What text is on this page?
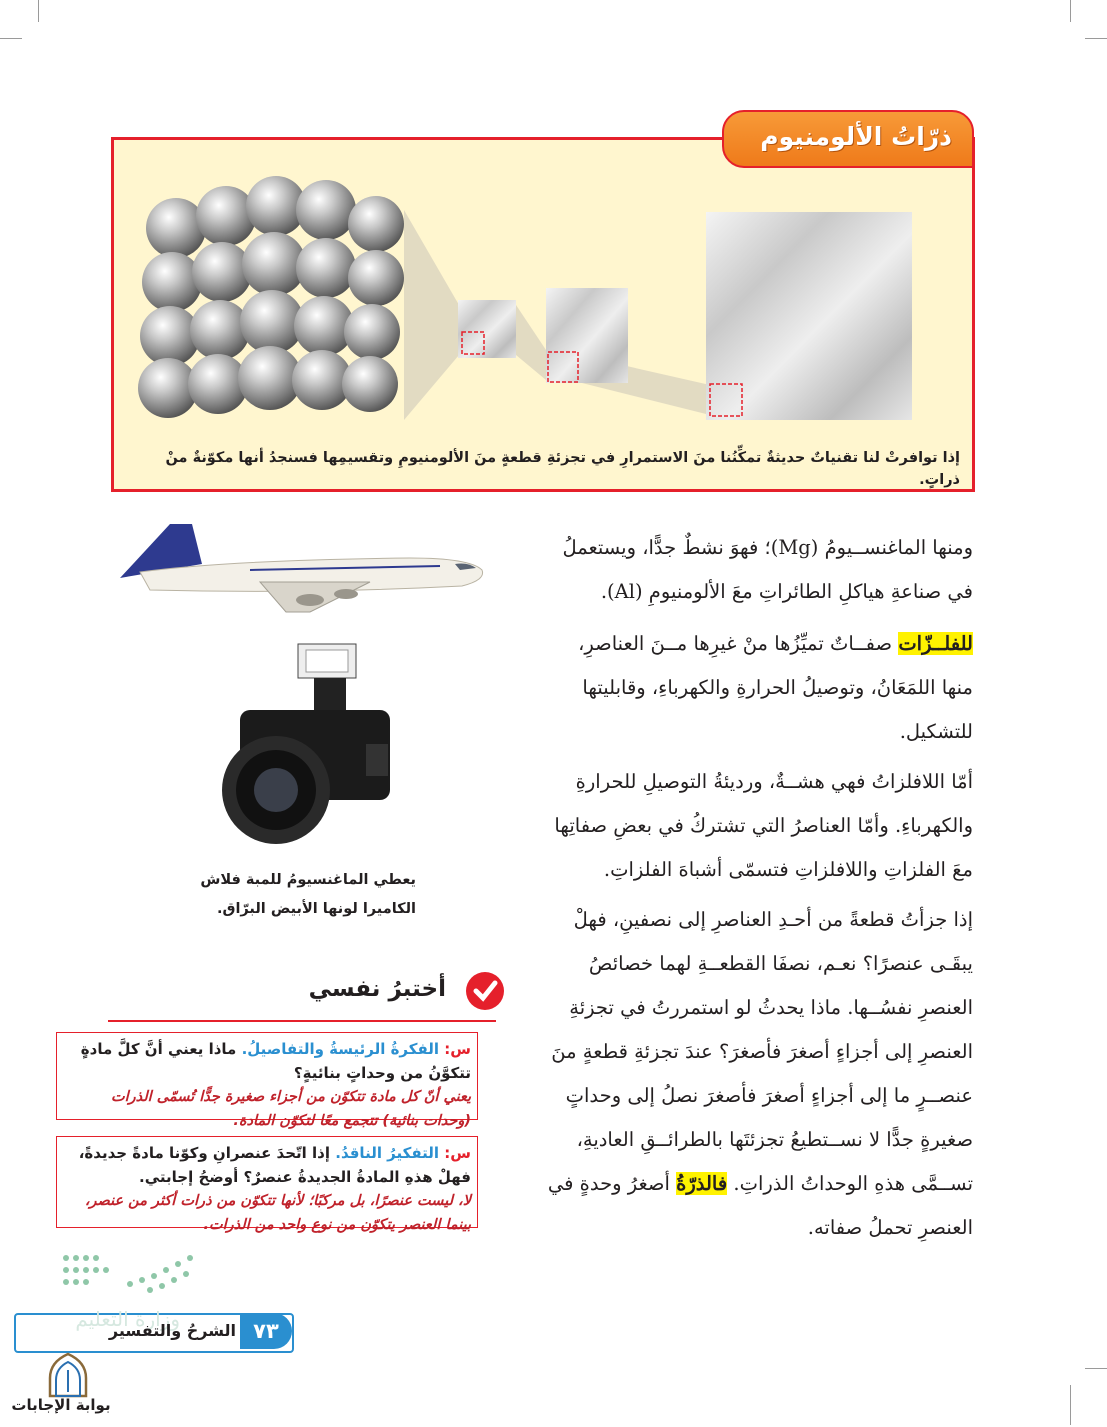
ذرّاتُ الألومنيوم
إذا توافرتْ لنا تقنياتٌ حديثةٌ تمكِّنُنا منَ الاستمرارِ في تجزئةِ قطعةٍ منَ الألومنيومِ وتقسيمِها فسنجدُ أنها مكوّنةٌ منْ ذراتٍ.
يعطي الماغنسيومُ للمبة فلاش الكاميرا لونها الأبيض البرّاق.
ومنها الماغنســيومُ (Mg)؛ فهوَ نشطٌ جدًّا، ويستعملُ في صناعةِ هياكلِ الطائراتِ معَ الألومنيومِ (Al).
للفلــزّات صفــاتٌ تميِّزُها منْ غيرِها مــنَ العناصرِ، منها اللمَعَانُ، وتوصيلُ الحرارةِ والكهرباءِ، وقابليتها للتشكيل.
أمّا اللافلزاتُ فهي هشــةٌ، ورديئةُ التوصيلِ للحرارةِ والكهرباءِ. وأمّا العناصرُ التي تشتركُ في بعضِ صفاتِها معَ الفلزاتِ واللافلزاتِ فتسمّى أشباهَ الفلزاتِ.
إذا جزأتُ قطعةً من أحـدِ العناصرِ إلى نصفينِ، فهلْ يبقَـى عنصرًا؟ نعـم، نصفَا القطعــةِ لهما خصائصُ العنصرِ نفسُــها. ماذا يحدثُ لو استمررتُ في تجزئةِ العنصرِ إلى أجزاءٍ أصغرَ فأصغرَ؟ عندَ تجزئةِ قطعةٍ منَ عنصــرٍ ما إلى أجزاءٍ أصغرَ فأصغرَ نصلُ إلى وحداتٍ صغيرةٍ جدًّا لا نســتطيعُ تجزئتَها بالطرائــقِ العاديةِ، تســمَّى هذهِ الوحداتُ الذراتِ. فالذرّةُ أصغرُ وحدةٍ في العنصرِ تحملُ صفاته.
أختبرُ نفسي
س: الفكرةُ الرئيسةُ والتفاصيلُ. ماذا يعني أنَّ كلَّ مادةٍ تتكوَّنُ من وحداتٍ بنائيةٍ؟
يعني أنّ كل مادة تتكوّن من أجزاء صغيرة جدًّا تُسمّى الذرات (وحدات بنائية) تتجمع معًا لتكوّن المادة.
س: التفكيرُ الناقدُ. إذا اتّحدَ عنصرانِ وكوّنا مادةً جديدةً، فهلْ هذهِ المادةُ الجديدةُ عنصرٌ؟ أوضحُ إجابتي.
لا، ليست عنصرًا، بل مركبًا؛ لأنها تتكوّن من ذرات أكثر من عنصر، بينما العنصر يتكوّن من نوع واحد من الذرات.
وزارة التعليم
الشرحُ والتفسير ٧٣
بوابة الإجابات
